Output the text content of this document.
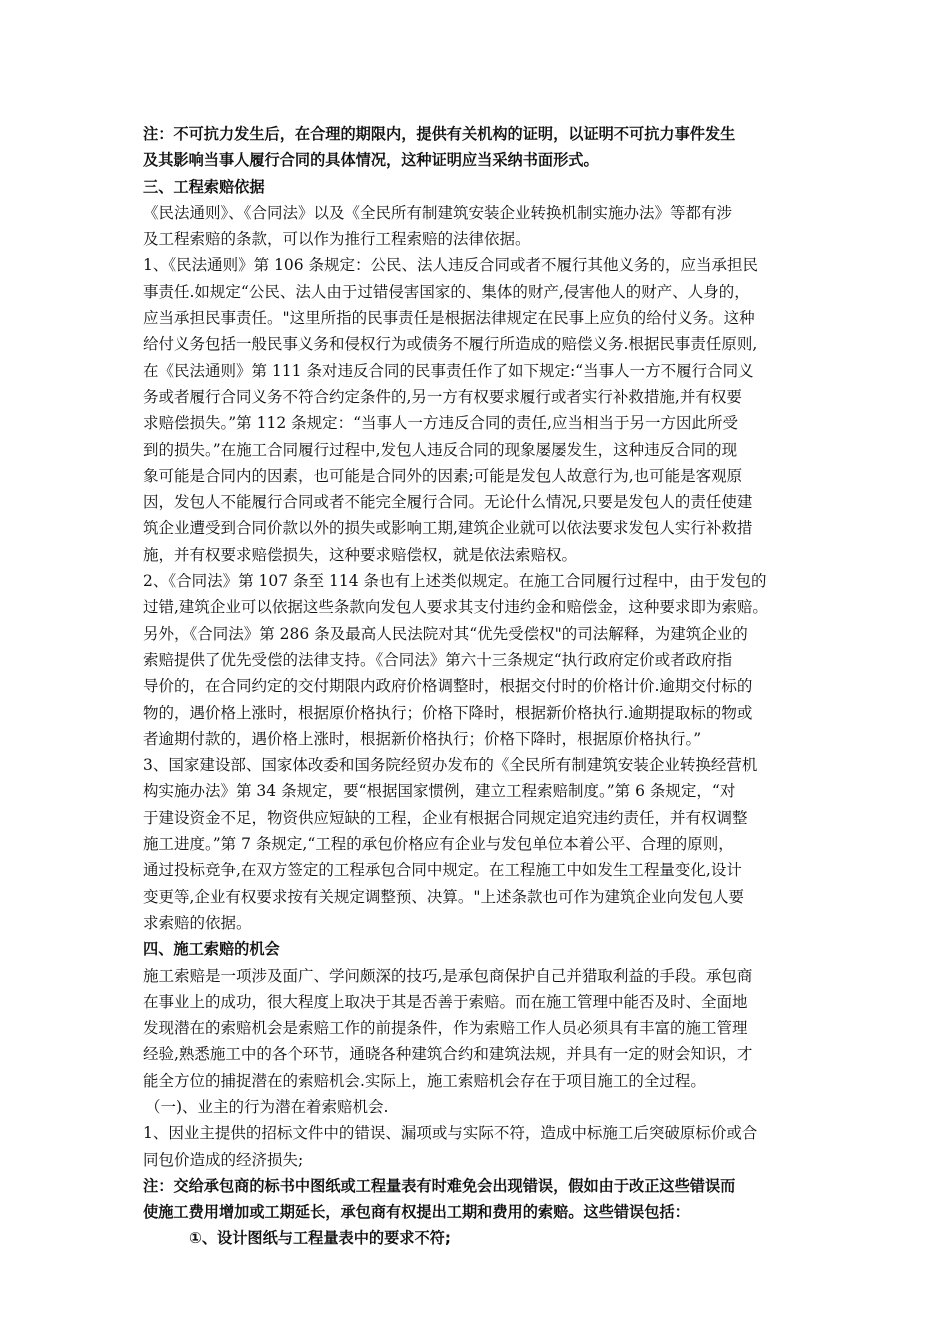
注：不可抗力发生后，在合理的期限内，提供有关机构的证明，以证明不可抗力事件发生
及其影响当事人履行合同的具体情况，这种证明应当采纳书面形式。
三、工程索赔依据
《民法通则》、《合同法》以及《全民所有制建筑安装企业转换机制实施办法》等都有涉
及工程索赔的条款，可以作为推行工程索赔的法律依据。
1、《民法通则》第 106 条规定：公民、法人违反合同或者不履行其他义务的，应当承担民
事责任.如规定“公民、法人由于过错侵害国家的、集体的财产,侵害他人的财产、人身的，
应当承担民事责任。"这里所指的民事责任是根据法律规定在民事上应负的给付义务。这种
给付义务包括一般民事义务和侵权行为或债务不履行所造成的赔偿义务.根据民事责任原则,
在《民法通则》第 111 条对违反合同的民事责任作了如下规定:“当事人一方不履行合同义
务或者履行合同义务不符合约定条件的,另一方有权要求履行或者实行补救措施,并有权要
求赔偿损失。”第 112 条规定：“当事人一方违反合同的责任,应当相当于另一方因此所受
到的损失。”在施工合同履行过程中,发包人违反合同的现象屡屡发生，这种违反合同的现
象可能是合同内的因素，也可能是合同外的因素;可能是发包人故意行为,也可能是客观原
因，发包人不能履行合同或者不能完全履行合同。无论什么情况,只要是发包人的责任使建
筑企业遭受到合同价款以外的损失或影响工期,建筑企业就可以依法要求发包人实行补救措
施，并有权要求赔偿损失，这种要求赔偿权，就是依法索赔权。
2、《合同法》第 107 条至 114 条也有上述类似规定。在施工合同履行过程中，由于发包的
过错,建筑企业可以依据这些条款向发包人要求其支付违约金和赔偿金，这种要求即为索赔。
另外，《合同法》第 286 条及最高人民法院对其“优先受偿权"的司法解释，为建筑企业的
索赔提供了优先受偿的法律支持。《合同法》第六十三条规定“执行政府定价或者政府指
导价的，在合同约定的交付期限内政府价格调整时，根据交付时的价格计价.逾期交付标的
物的，遇价格上涨时，根据原价格执行；价格下降时，根据新价格执行.逾期提取标的物或
者逾期付款的，遇价格上涨时，根据新价格执行；价格下降时，根据原价格执行。”
3、国家建设部、国家体改委和国务院经贸办发布的《全民所有制建筑安装企业转换经营机
构实施办法》第 34 条规定，要“根据国家惯例，建立工程索赔制度。”第 6 条规定，“对
于建设资金不足，物资供应短缺的工程，企业有根据合同规定追究违约责任，并有权调整
施工进度。”第 7 条规定,“工程的承包价格应有企业与发包单位本着公平、合理的原则，
通过投标竞争,在双方签定的工程承包合同中规定。在工程施工中如发生工程量变化,设计
变更等,企业有权要求按有关规定调整预、决算。"上述条款也可作为建筑企业向发包人要
求索赔的依据。
四、施工索赔的机会
施工索赔是一项涉及面广、学问颇深的技巧,是承包商保护自己并猎取利益的手段。承包商
在事业上的成功，很大程度上取决于其是否善于索赔。而在施工管理中能否及时、全面地
发现潜在的索赔机会是索赔工作的前提条件，作为索赔工作人员必须具有丰富的施工管理
经验,熟悉施工中的各个环节，通晓各种建筑合约和建筑法规，并具有一定的财会知识，才
能全方位的捕捉潜在的索赔机会.实际上，施工索赔机会存在于项目施工的全过程。
（一)、业主的行为潜在着索赔机会.
1、因业主提供的招标文件中的错误、漏项或与实际不符，造成中标施工后突破原标价或合
同包价造成的经济损失;
注：交给承包商的标书中图纸或工程量表有时难免会出现错误，假如由于改正这些错误而
使施工费用增加或工期延长，承包商有权提出工期和费用的索赔。这些错误包括：
①、设计图纸与工程量表中的要求不符;
